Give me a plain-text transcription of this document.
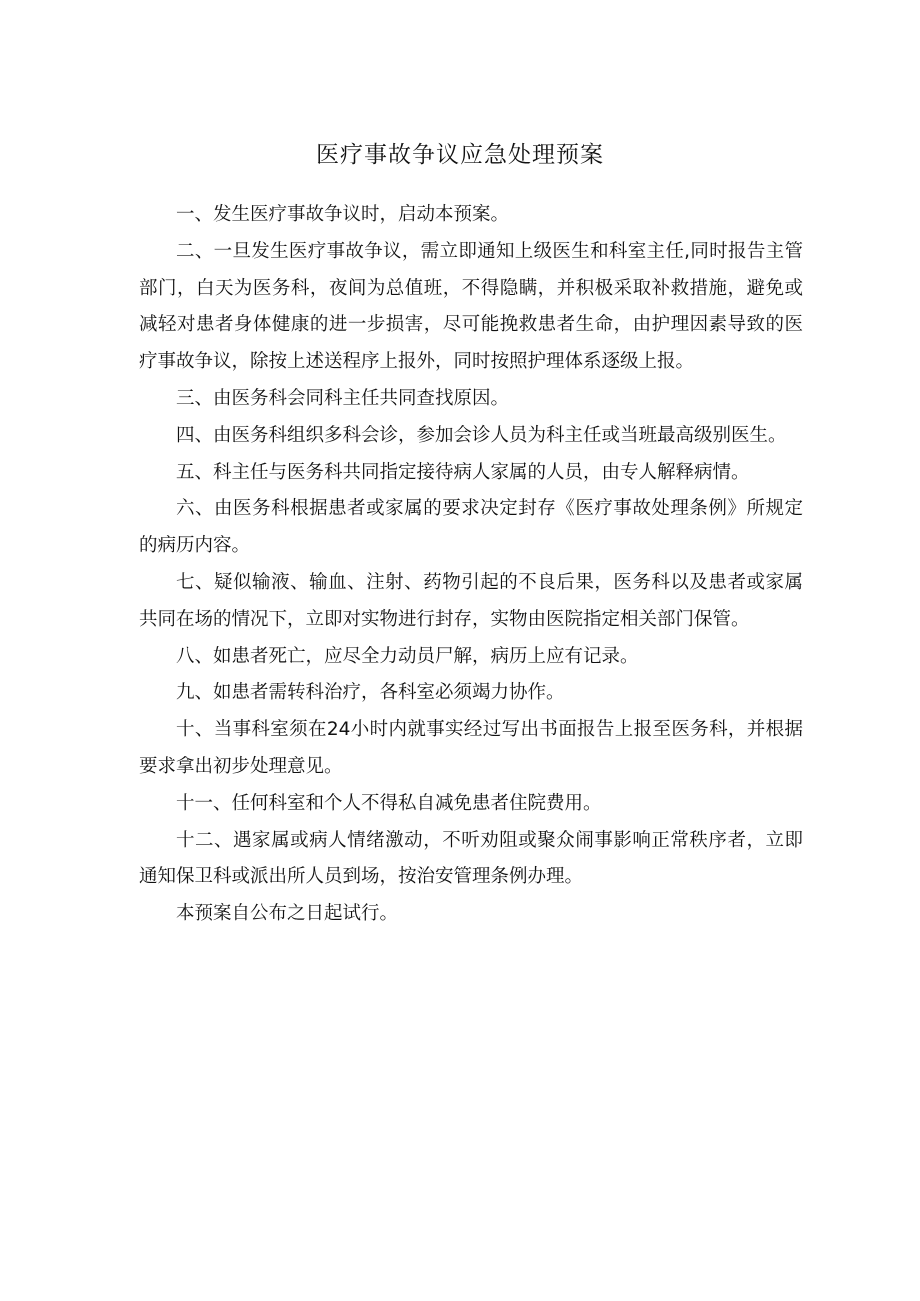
医疗事故争议应急处理预案

一、发生医疗事故争议时，启动本预案。

二、一旦发生医疗事故争议，需立即通知上级医生和科室主任,同时报告主管部门，白天为医务科，夜间为总值班，不得隐瞒，并积极采取补救措施，避免或减轻对患者身体健康的进一步损害，尽可能挽救患者生命，由护理因素导致的医疗事故争议，除按上述送程序上报外，同时按照护理体系逐级上报。

三、由医务科会同科主任共同查找原因。

四、由医务科组织多科会诊，参加会诊人员为科主任或当班最高级别医生。

五、科主任与医务科共同指定接待病人家属的人员，由专人解释病情。

六、由医务科根据患者或家属的要求决定封存《医疗事故处理条例》所规定的病历内容。

七、疑似输液、输血、注射、药物引起的不良后果，医务科以及患者或家属共同在场的情况下，立即对实物进行封存，实物由医院指定相关部门保管。

八、如患者死亡，应尽全力动员尸解，病历上应有记录。

九、如患者需转科治疗，各科室必须竭力协作。

十、当事科室须在24小时内就事实经过写出书面报告上报至医务科，并根据要求拿出初步处理意见。

十一、任何科室和个人不得私自减免患者住院费用。

十二、遇家属或病人情绪激动，不听劝阻或聚众闹事影响正常秩序者，立即通知保卫科或派出所人员到场，按治安管理条例办理。

本预案自公布之日起试行。
